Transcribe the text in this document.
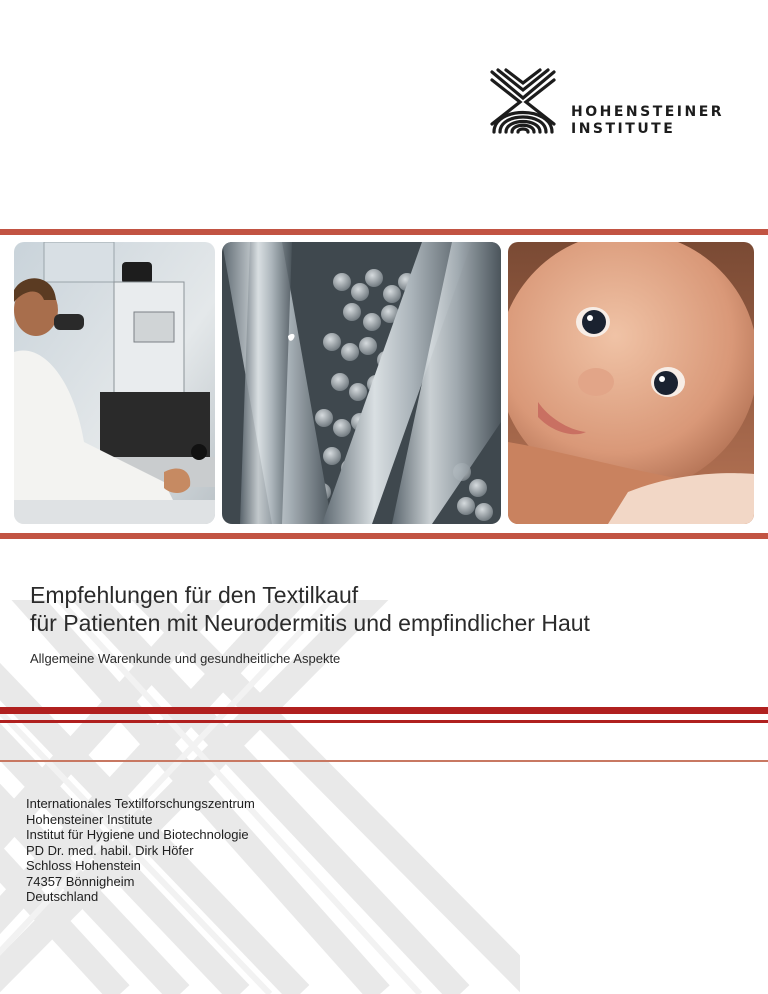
HOHENSTEINER
INSTITUTE
Empfehlungen für den Textilkauf
für Patienten mit Neurodermitis und empfindlicher Haut
Allgemeine Warenkunde und gesundheitliche Aspekte
Internationales Textilforschungszentrum
Hohensteiner Institute
Institut für Hygiene und Biotechnologie
PD Dr. med. habil. Dirk Höfer
Schloss Hohenstein
74357 Bönnigheim
Deutschland
